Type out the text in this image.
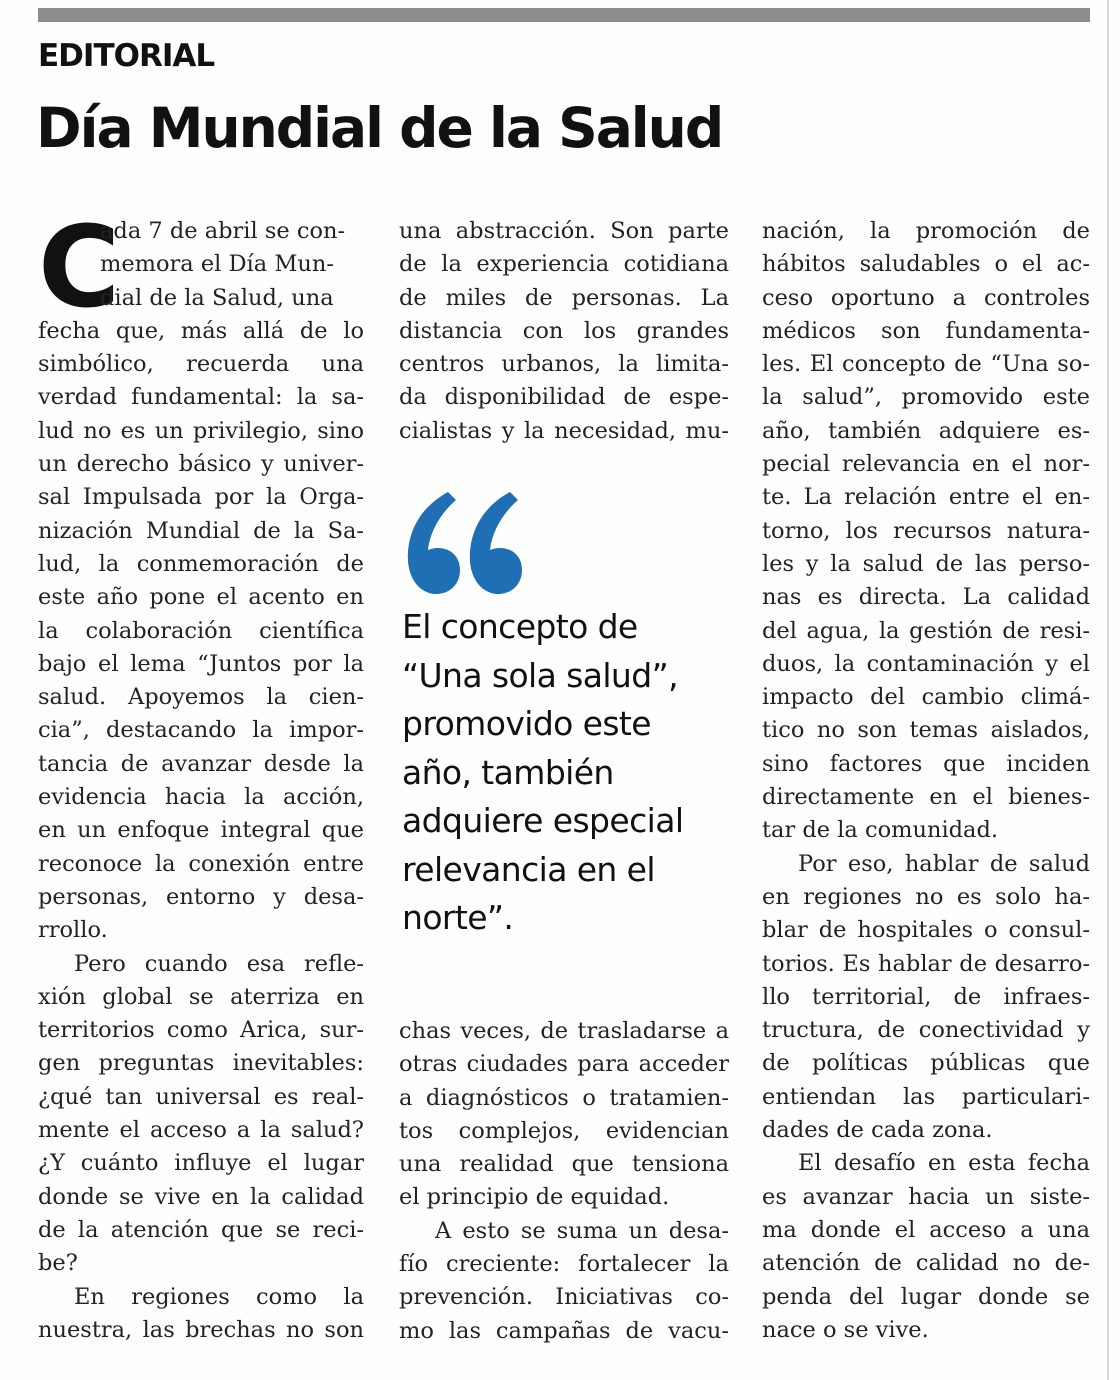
EDITORIAL
Día Mundial de la Salud
C
ada 7 de abril se con-
memora el Día Mun-
dial de la Salud, una
fecha que, más allá de lo
simbólico, recuerda una
verdad fundamental: la sa-
lud no es un privilegio, sino
un derecho básico y univer-
sal Impulsada por la Orga-
nización Mundial de la Sa-
lud, la conmemoración de
este año pone el acento en
la colaboración científica
bajo el lema “Juntos por la
salud. Apoyemos la cien-
cia”, destacando la impor-
tancia de avanzar desde la
evidencia hacia la acción,
en un enfoque integral que
reconoce la conexión entre
personas, entorno y desa-
rrollo.
Pero cuando esa refle-
xión global se aterriza en
territorios como Arica, sur-
gen preguntas inevitables:
¿qué tan universal es real-
mente el acceso a la salud?
¿Y cuánto influye el lugar
donde se vive en la calidad
de la atención que se reci-
be?
En regiones como la
nuestra, las brechas no son
una abstracción. Son parte
de la experiencia cotidiana
de miles de personas. La
distancia con los grandes
centros urbanos, la limita-
da disponibilidad de espe-
cialistas y la necesidad, mu-
chas veces, de trasladarse a
otras ciudades para acceder
a diagnósticos o tratamien-
tos complejos, evidencian
una realidad que tensiona
el principio de equidad.
A esto se suma un desa-
fío creciente: fortalecer la
prevención. Iniciativas co-
mo las campañas de vacu-
nación, la promoción de
hábitos saludables o el ac-
ceso oportuno a controles
médicos son fundamenta-
les. El concepto de “Una so-
la salud”, promovido este
año, también adquiere es-
pecial relevancia en el nor-
te. La relación entre el en-
torno, los recursos natura-
les y la salud de las perso-
nas es directa. La calidad
del agua, la gestión de resi-
duos, la contaminación y el
impacto del cambio climá-
tico no son temas aislados,
sino factores que inciden
directamente en el bienes-
tar de la comunidad.
Por eso, hablar de salud
en regiones no es solo ha-
blar de hospitales o consul-
torios. Es hablar de desarro-
llo territorial, de infraes-
tructura, de conectividad y
de políticas públicas que
entiendan las particulari-
dades de cada zona.
El desafío en esta fecha
es avanzar hacia un siste-
ma donde el acceso a una
atención de calidad no de-
penda del lugar donde se
nace o se vive.
El concepto de
“Una sola salud”,
promovido este
año, también
adquiere especial
relevancia en el
norte”.
